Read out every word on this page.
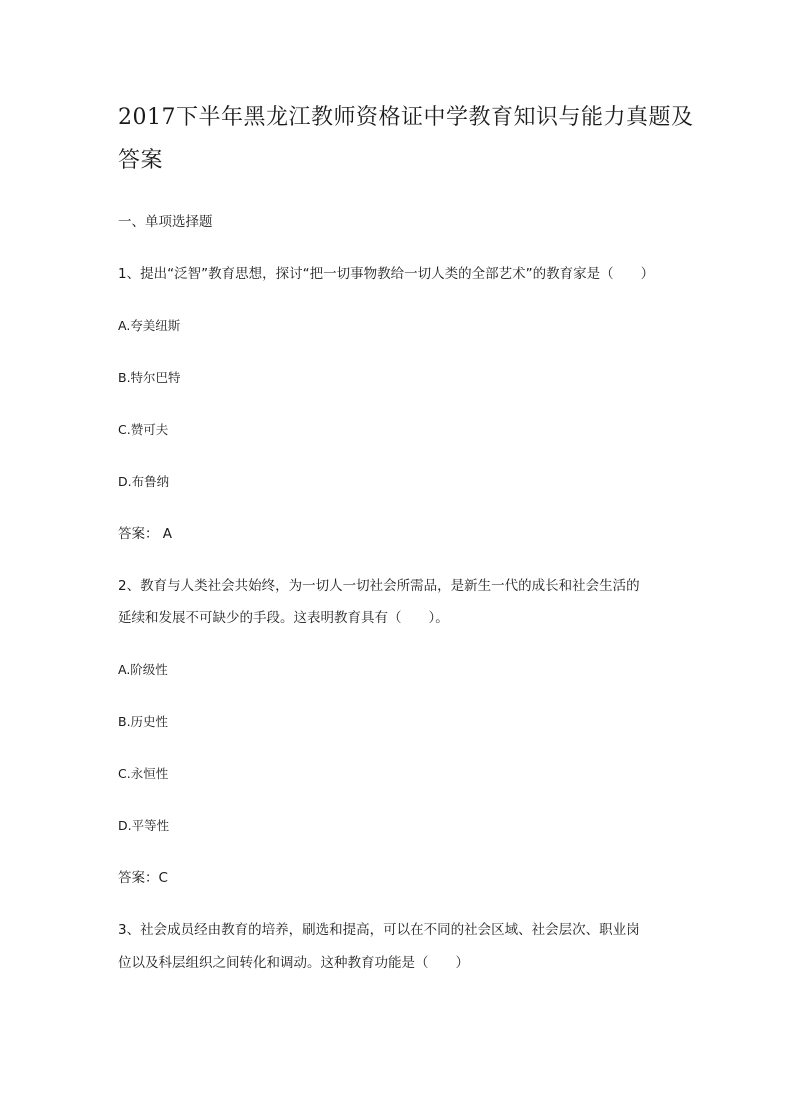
2017下半年黑龙江教师资格证中学教育知识与能力真题及
答案
一、单项选择题
1、提出“泛智”教育思想，探讨“把一切事物教给一切人类的全部艺术”的教育家是（　　）
A.夸美纽斯
B.特尔巴特
C.赞可夫
D.布鲁纳
答案： A
2、教育与人类社会共始终，为一切人一切社会所需品，是新生一代的成长和社会生活的
延续和发展不可缺少的手段。这表明教育具有（　　）。
A.阶级性
B.历史性
C.永恒性
D.平等性
答案：C
3、社会成员经由教育的培养，刷选和提高，可以在不同的社会区域、社会层次、职业岗
位以及科层组织之间转化和调动。这种教育功能是（　　）
